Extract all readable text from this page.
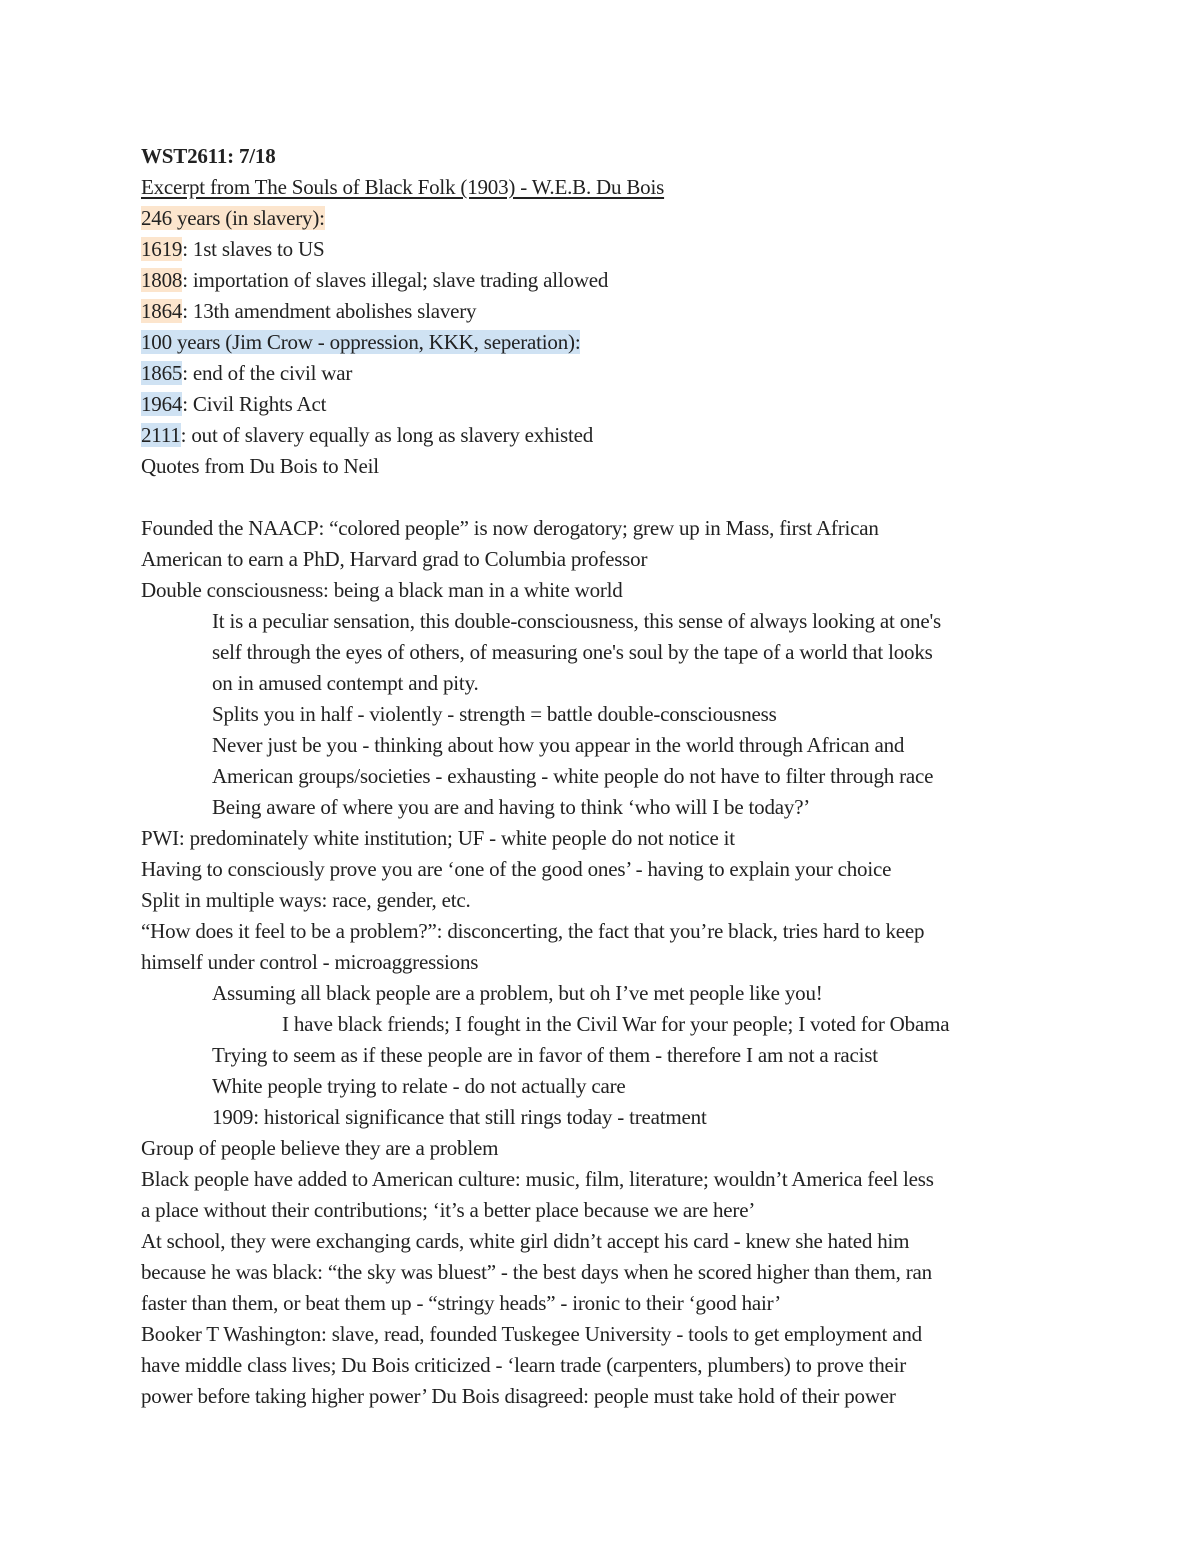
WST2611: 7/18
Excerpt from The Souls of Black Folk (1903) - W.E.B. Du Bois
246 years (in slavery):
1619: 1st slaves to US
1808: importation of slaves illegal; slave trading allowed
1864: 13th amendment abolishes slavery
100 years (Jim Crow - oppression, KKK, seperation):
1865: end of the civil war
1964: Civil Rights Act
2111: out of slavery equally as long as slavery exhisted
Quotes from Du Bois to Neil
Founded the NAACP: “colored people” is now derogatory; grew up in Mass, first African
American to earn a PhD, Harvard grad to Columbia professor
Double consciousness: being a black man in a white world
It is a peculiar sensation, this double-consciousness, this sense of always looking at one's
self through the eyes of others, of measuring one's soul by the tape of a world that looks
on in amused contempt and pity.
Splits you in half - violently - strength = battle double-consciousness
Never just be you - thinking about how you appear in the world through African and
American groups/societies - exhausting - white people do not have to filter through race
Being aware of where you are and having to think ‘who will I be today?’
PWI: predominately white institution; UF - white people do not notice it
Having to consciously prove you are ‘one of the good ones’ - having to explain your choice
Split in multiple ways: race, gender, etc.
“How does it feel to be a problem?”: disconcerting, the fact that you’re black, tries hard to keep
himself under control - microaggressions
Assuming all black people are a problem, but oh I’ve met people like you!
I have black friends; I fought in the Civil War for your people; I voted for Obama
Trying to seem as if these people are in favor of them - therefore I am not a racist
White people trying to relate - do not actually care
1909: historical significance that still rings today - treatment
Group of people believe they are a problem
Black people have added to American culture: music, film, literature; wouldn’t America feel less
a place without their contributions; ‘it’s a better place because we are here’
At school, they were exchanging cards, white girl didn’t accept his card - knew she hated him
because he was black: “the sky was bluest” - the best days when he scored higher than them, ran
faster than them, or beat them up - “stringy heads” - ironic to their ‘good hair’
Booker T Washington: slave, read, founded Tuskegee University - tools to get employment and
have middle class lives; Du Bois criticized - ‘learn trade (carpenters, plumbers) to prove their
power before taking higher power’ Du Bois disagreed: people must take hold of their power
